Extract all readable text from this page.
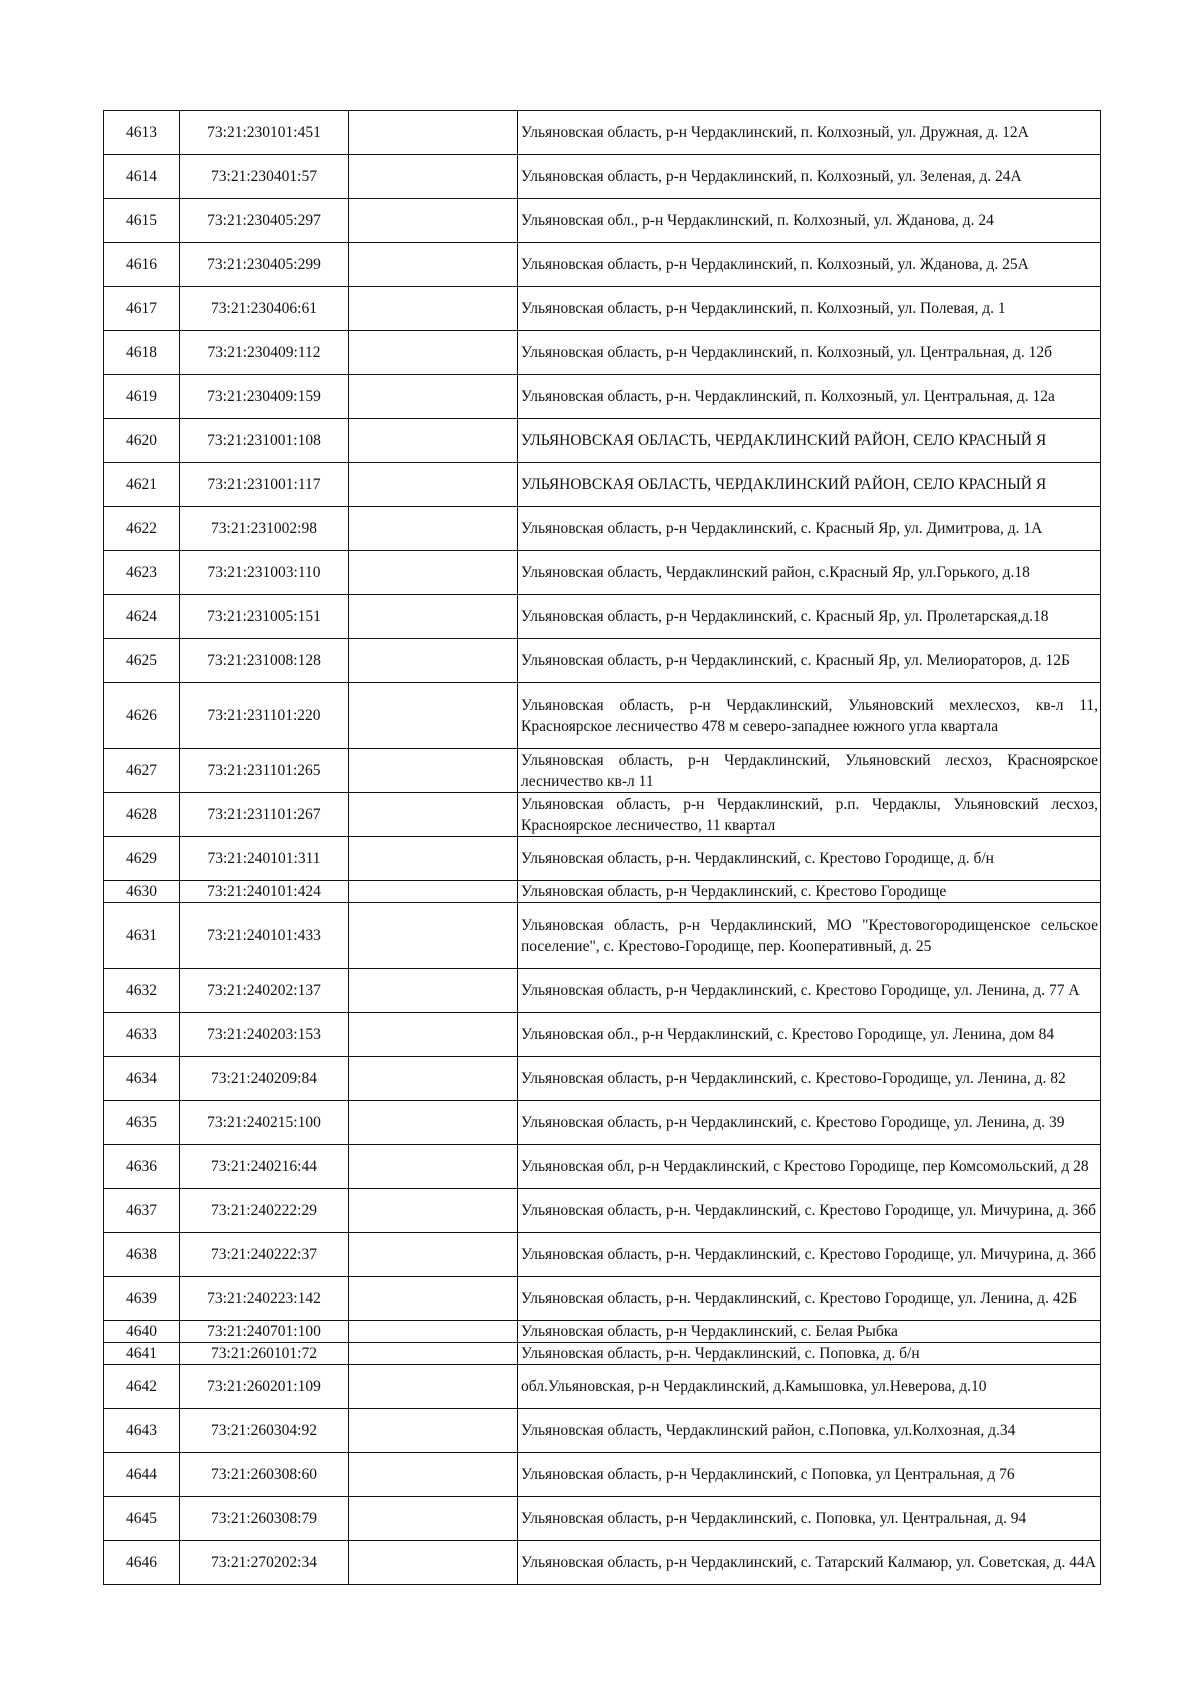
4613	73:21:230101:451		Ульяновская область, р-н Чердаклинский, п. Колхозный, ул. Дружная, д. 12А
4614	73:21:230401:57		Ульяновская область, р-н Чердаклинский, п. Колхозный, ул. Зеленая, д. 24А
4615	73:21:230405:297		Ульяновская обл., р-н Чердаклинский, п. Колхозный, ул. Жданова, д. 24
4616	73:21:230405:299		Ульяновская область, р-н Чердаклинский, п. Колхозный, ул. Жданова, д. 25А
4617	73:21:230406:61		Ульяновская область, р-н Чердаклинский, п. Колхозный, ул. Полевая, д. 1
4618	73:21:230409:112		Ульяновская область, р-н Чердаклинский, п. Колхозный, ул. Центральная, д. 12б
4619	73:21:230409:159		Ульяновская область, р-н. Чердаклинский, п. Колхозный, ул. Центральная, д. 12а
4620	73:21:231001:108		УЛЬЯНОВСКАЯ ОБЛАСТЬ, ЧЕРДАКЛИНСКИЙ РАЙОН, СЕЛО КРАСНЫЙ Я
4621	73:21:231001:117		УЛЬЯНОВСКАЯ ОБЛАСТЬ, ЧЕРДАКЛИНСКИЙ РАЙОН, СЕЛО КРАСНЫЙ Я
4622	73:21:231002:98		Ульяновская область, р-н Чердаклинский, с. Красный Яр, ул. Димитрова, д. 1А
4623	73:21:231003:110		Ульяновская область, Чердаклинский район, с.Красный Яр, ул.Горького, д.18
4624	73:21:231005:151		Ульяновская область, р-н Чердаклинский, с. Красный Яр, ул. Пролетарская,д.18
4625	73:21:231008:128		Ульяновская область, р-н Чердаклинский, с. Красный Яр, ул. Мелиораторов, д. 12Б
4626	73:21:231101:220		Ульяновская область, р-н Чердаклинский, Ульяновский мехлесхоз, кв-л 11, Красноярское лесничество 478 м северо-западнее южного угла квартала
4627	73:21:231101:265		Ульяновская область, р-н Чердаклинский, Ульяновский лесхоз, Красноярское лесничество кв-л 11
4628	73:21:231101:267		Ульяновская область, р-н Чердаклинский, р.п. Чердаклы, Ульяновский лесхоз, Красноярское лесничество, 11 квартал
4629	73:21:240101:311		Ульяновская область, р-н. Чердаклинский, с. Крестово Городище, д. б/н
4630	73:21:240101:424		Ульяновская область, р-н Чердаклинский, с. Крестово Городище
4631	73:21:240101:433		Ульяновская область, р-н Чердаклинский, МО "Крестовогородищенское сельское поселение", с. Крестово-Городище, пер. Кооперативный, д. 25
4632	73:21:240202:137		Ульяновская область, р-н Чердаклинский, с. Крестово Городище, ул. Ленина, д. 77 А
4633	73:21:240203:153		Ульяновская обл., р-н Чердаклинский, с. Крестово Городище, ул. Ленина, дом 84
4634	73:21:240209:84		Ульяновская область, р-н Чердаклинский, с. Крестово-Городище, ул. Ленина, д. 82
4635	73:21:240215:100		Ульяновская область, р-н Чердаклинский, с. Крестово Городище, ул. Ленина, д. 39
4636	73:21:240216:44		Ульяновская обл, р-н Чердаклинский, с Крестово Городище, пер Комсомольский, д 28
4637	73:21:240222:29		Ульяновская область, р-н. Чердаклинский, с. Крестово Городище, ул. Мичурина, д. 36б
4638	73:21:240222:37		Ульяновская область, р-н. Чердаклинский, с. Крестово Городище, ул. Мичурина, д. 36б
4639	73:21:240223:142		Ульяновская область, р-н. Чердаклинский, с. Крестово Городище, ул. Ленина, д. 42Б
4640	73:21:240701:100		Ульяновская область, р-н Чердаклинский, с. Белая Рыбка
4641	73:21:260101:72		Ульяновская область, р-н. Чердаклинский, с. Поповка, д. б/н
4642	73:21:260201:109		обл.Ульяновская, р-н Чердаклинский, д.Камышовка, ул.Неверова, д.10
4643	73:21:260304:92		Ульяновская область, Чердаклинский район, с.Поповка, ул.Колхозная, д.34
4644	73:21:260308:60		Ульяновская область, р-н Чердаклинский, с Поповка, ул Центральная, д 76
4645	73:21:260308:79		Ульяновская область, р-н Чердаклинский, с. Поповка, ул. Центральная, д. 94
4646	73:21:270202:34		Ульяновская область, р-н Чердаклинский, с. Татарский Калмаюр, ул. Советская, д. 44А
